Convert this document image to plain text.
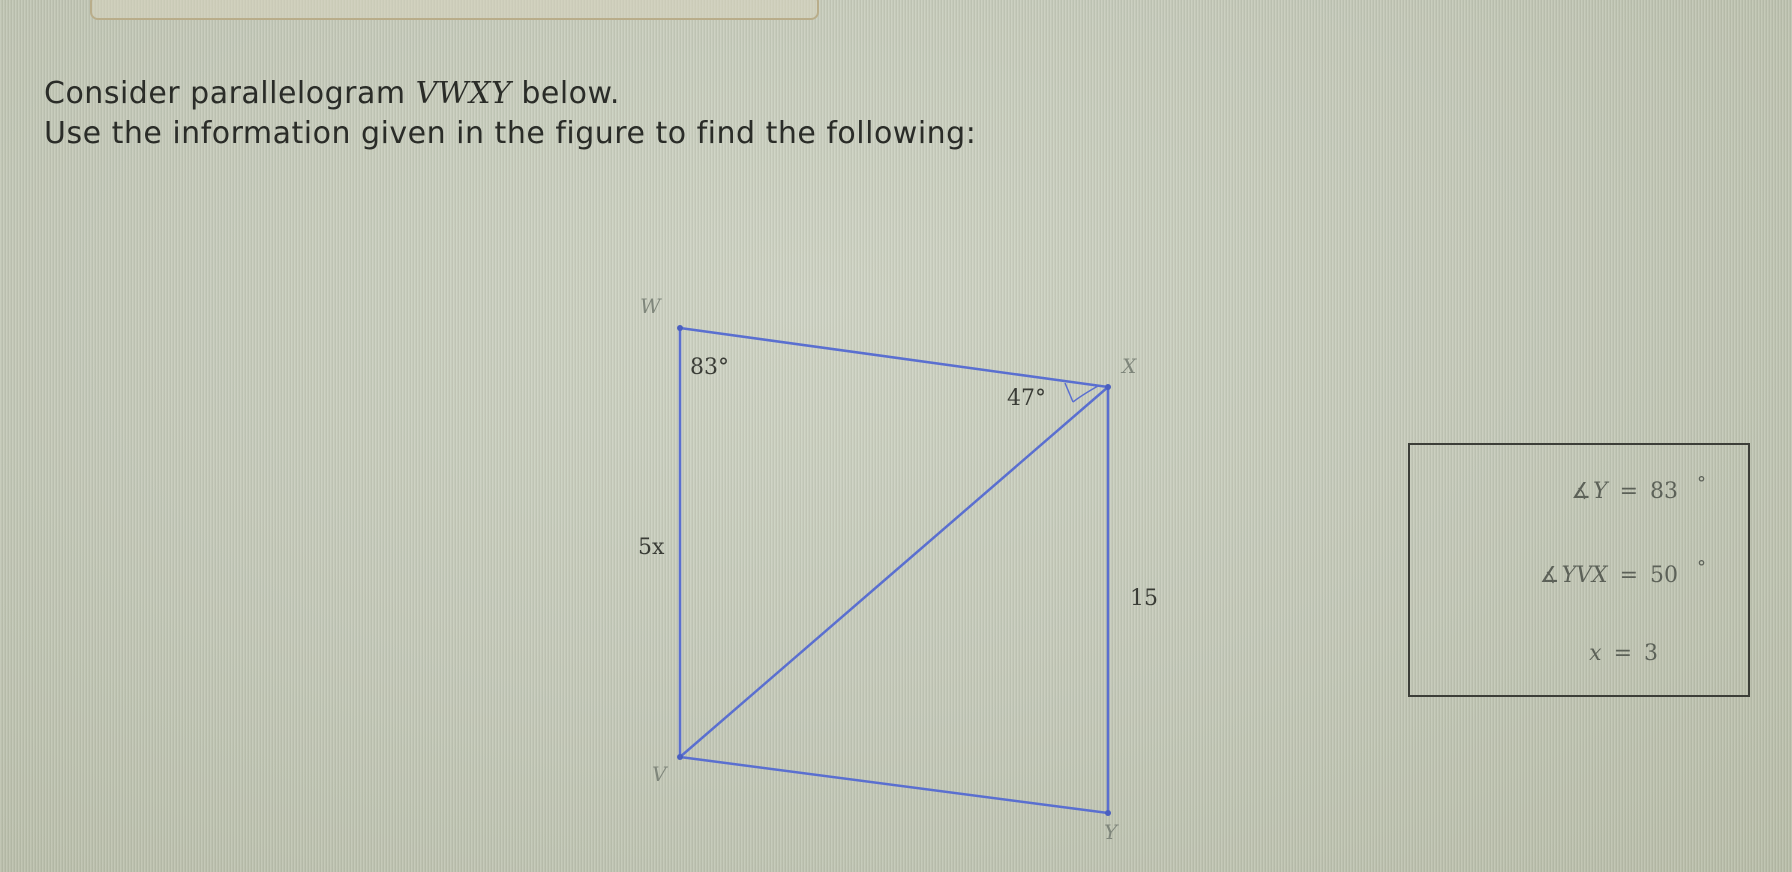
Consider parallelogram VWXY below.
Use the information given in the figure to find the following:
W
X
V
Y
83°
47°
5x
15
∡Y = 83 °
∡YVX = 50 °
x = 3
